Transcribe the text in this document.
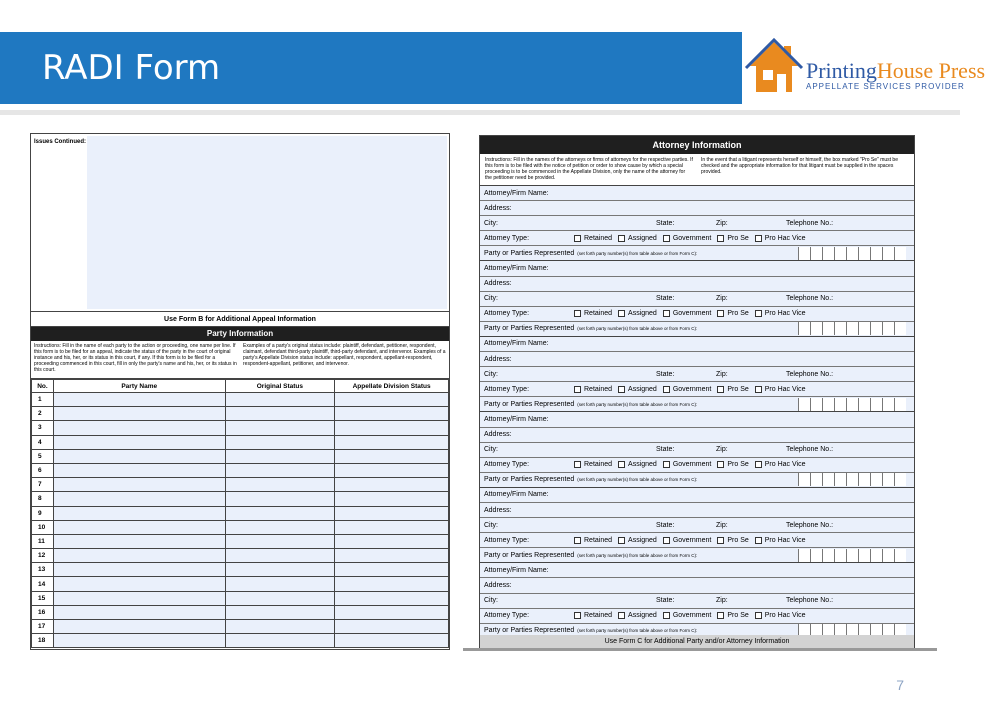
RADI Form	PrintingHouse Press
APPELLATE SERVICES PROVIDER
Issues Continued:
Use Form B for Additional Appeal Information
Party Information
Instructions: Fill in the name of each party to the action or proceeding, one name per line. If this form is to be filed for an appeal, indicate the status of the party in the court of original instance and his, her, or its status in this court, if any. If this form is to be filed for a proceeding commenced in this court, fill in only the party's name and his, her, or its status in this court.
Examples of a party's original status include: plaintiff, defendant, petitioner, respondent, claimant, defendant third-party plaintiff, third-party defendant, and intervenor. Examples of a party's Appellate Division status include: appellant, respondent, appellant-respondent, respondent-appellant, petitioner, and intervenor.
No.	Party Name	Original Status	Appellate Division Status
1			
2			
3			
4			
5			
6			
7			
8			
9			
10			
11			
12			
13			
14			
15			
16			
17			
18			
Attorney Information
Instructions: Fill in the names of the attorneys or firms of attorneys for the respective parties. If this form is to be filed with the notice of petition or order to show cause by which a special proceeding is to be commenced in the Appellate Division, only the name of the attorney for the petitioner need be provided.
In the event that a litigant represents herself or himself, the box marked "Pro Se" must be checked and the appropriate information for that litigant must be supplied in the spaces provided.
Attorney/Firm Name:
Address:
City:	State:	Zip:	Telephone No.:
Attorney Type:	Retained Assigned Government Pro Se Pro Hac Vice
Party or Parties Represented (set forth party number(s) from table above or from Form C):
Attorney/Firm Name:
Address:
City:	State:	Zip:	Telephone No.:
Attorney Type:	Retained Assigned Government Pro Se Pro Hac Vice
Party or Parties Represented (set forth party number(s) from table above or from Form C):
Attorney/Firm Name:
Address:
City:	State:	Zip:	Telephone No.:
Attorney Type:	Retained Assigned Government Pro Se Pro Hac Vice
Party or Parties Represented (set forth party number(s) from table above or from Form C):
Attorney/Firm Name:
Address:
City:	State:	Zip:	Telephone No.:
Attorney Type:	Retained Assigned Government Pro Se Pro Hac Vice
Party or Parties Represented (set forth party number(s) from table above or from Form C):
Attorney/Firm Name:
Address:
City:	State:	Zip:	Telephone No.:
Attorney Type:	Retained Assigned Government Pro Se Pro Hac Vice
Party or Parties Represented (set forth party number(s) from table above or from Form C):
Attorney/Firm Name:
Address:
City:	State:	Zip:	Telephone No.:
Attorney Type:	Retained Assigned Government Pro Se Pro Hac Vice
Party or Parties Represented (set forth party number(s) from table above or from Form C):
Use Form C for Additional Party and/or Attorney Information
7
